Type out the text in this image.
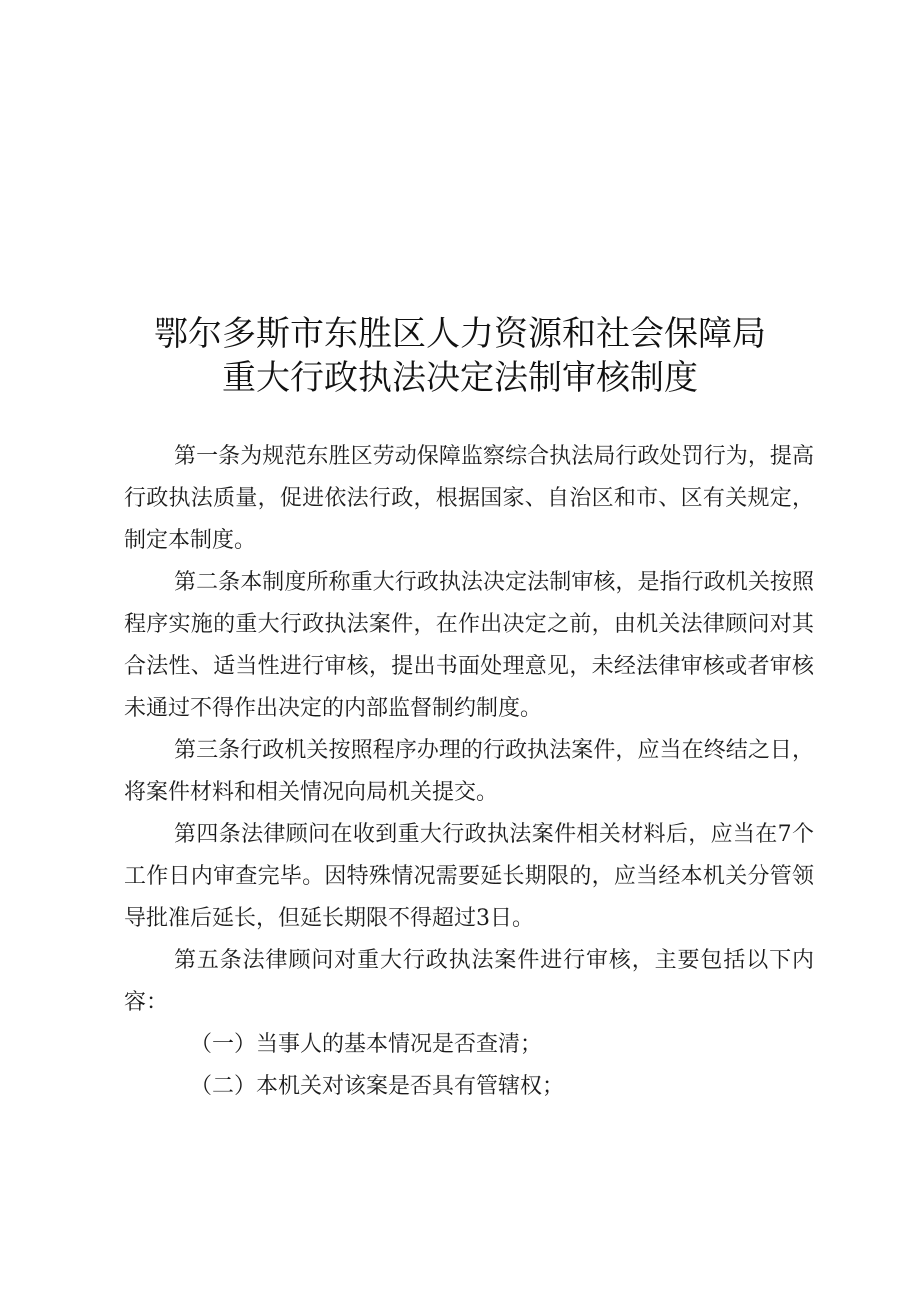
鄂尔多斯市东胜区人力资源和社会保障局
重大行政执法决定法制审核制度

第一条为规范东胜区劳动保障监察综合执法局行政处罚行为，提高行政执法质量，促进依法行政，根据国家、自治区和市、区有关规定，制定本制度。

第二条本制度所称重大行政执法决定法制审核，是指行政机关按照程序实施的重大行政执法案件，在作出决定之前，由机关法律顾问对其合法性、适当性进行审核，提出书面处理意见，未经法律审核或者审核未通过不得作出决定的内部监督制约制度。

第三条行政机关按照程序办理的行政执法案件，应当在终结之日，将案件材料和相关情况向局机关提交。

第四条法律顾问在收到重大行政执法案件相关材料后，应当在7个工作日内审查完毕。因特殊情况需要延长期限的，应当经本机关分管领导批准后延长，但延长期限不得超过3日。

第五条法律顾问对重大行政执法案件进行审核，主要包括以下内容：

（一）当事人的基本情况是否查清；

（二）本机关对该案是否具有管辖权；
